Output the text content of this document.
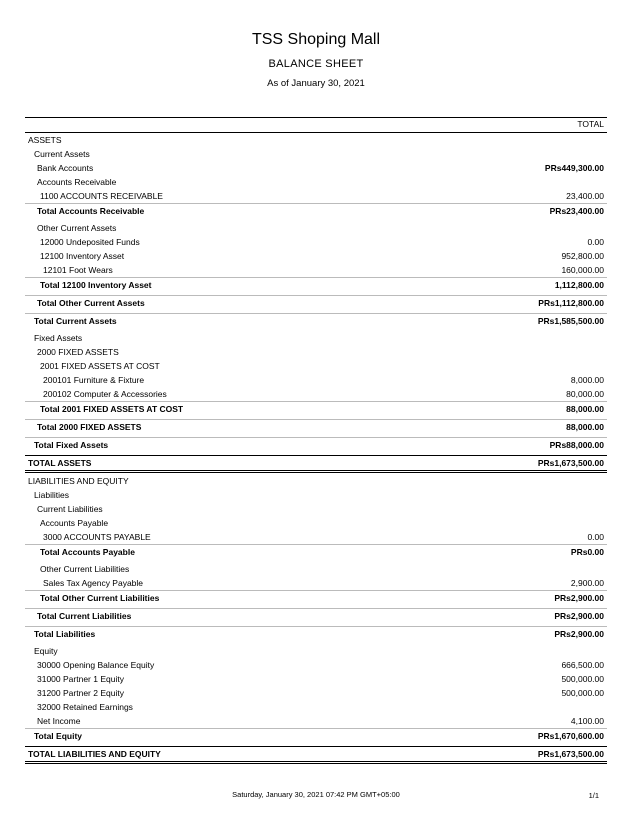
TSS Shoping Mall
BALANCE SHEET
As of January 30, 2021
TOTAL
ASSETS
Current Assets
Bank Accounts	PRs449,300.00
Accounts Receivable
1100 ACCOUNTS RECEIVABLE	23,400.00
Total Accounts Receivable	PRs23,400.00
Other Current Assets
12000 Undeposited Funds	0.00
12100 Inventory Asset	952,800.00
12101 Foot Wears	160,000.00
Total 12100 Inventory Asset	1,112,800.00
Total Other Current Assets	PRs1,112,800.00
Total Current Assets	PRs1,585,500.00
Fixed Assets
2000 FIXED ASSETS
2001 FIXED ASSETS AT COST
200101 Furniture & Fixture	8,000.00
200102 Computer & Accessories	80,000.00
Total 2001 FIXED ASSETS AT COST	88,000.00
Total 2000 FIXED ASSETS	88,000.00
Total Fixed Assets	PRs88,000.00
TOTAL ASSETS	PRs1,673,500.00
LIABILITIES AND EQUITY
Liabilities
Current Liabilities
Accounts Payable
3000 ACCOUNTS PAYABLE	0.00
Total Accounts Payable	PRs0.00
Other Current Liabilities
Sales Tax Agency Payable	2,900.00
Total Other Current Liabilities	PRs2,900.00
Total Current Liabilities	PRs2,900.00
Total Liabilities	PRs2,900.00
Equity
30000 Opening Balance Equity	666,500.00
31000 Partner 1 Equity	500,000.00
31200 Partner 2 Equity	500,000.00
32000 Retained Earnings
Net Income	4,100.00
Total Equity	PRs1,670,600.00
TOTAL LIABILITIES AND EQUITY	PRs1,673,500.00
Saturday, January 30, 2021 07:42 PM GMT+05:00	1/1
